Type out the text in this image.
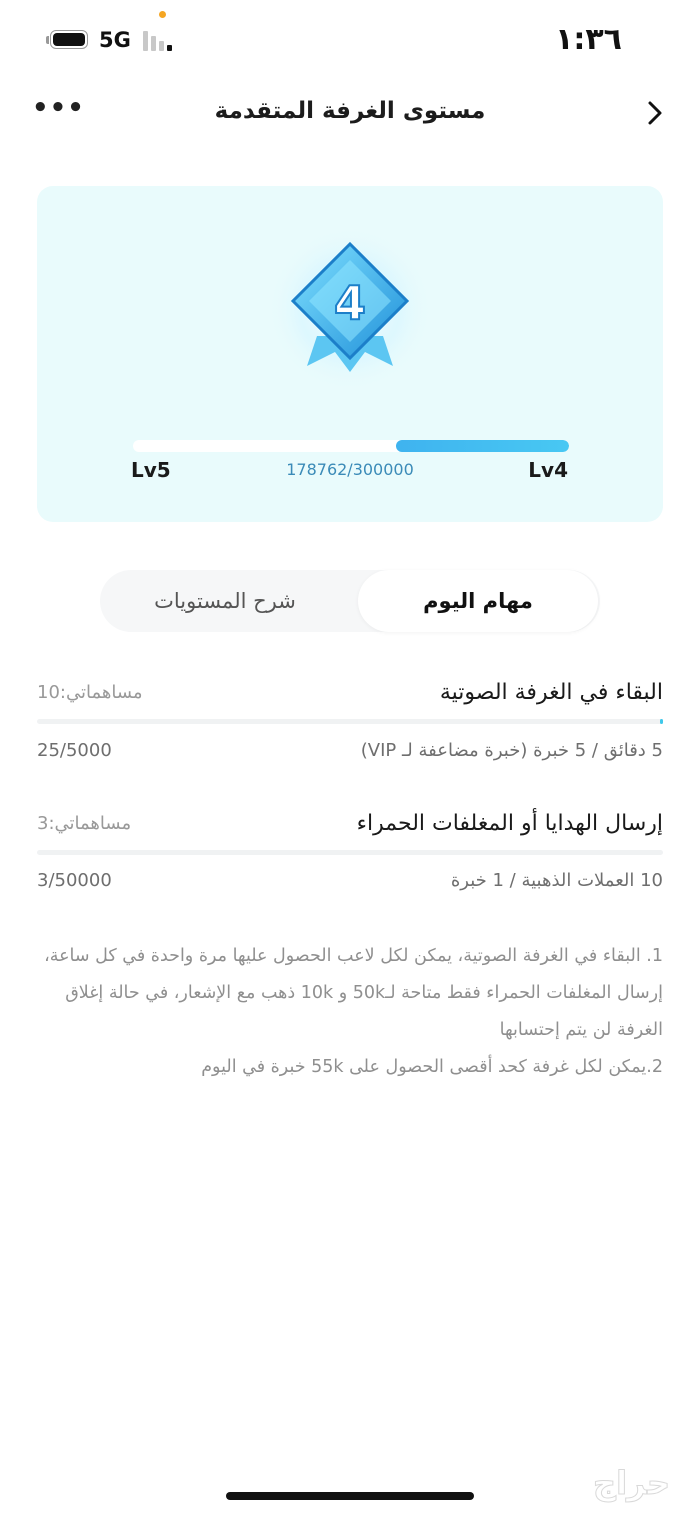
5G	١:٣٦
مستوى الغرفة المتقدمة
•••
4
Lv5	178762/300000	Lv4
مهام اليوم
شرح المستويات
البقاء في الغرفة الصوتية
مساهماتي:10
5 دقائق / 5 خبرة (خبرة مضاعفة لـ VIP)
25/5000
إرسال الهدايا أو المغلفات الحمراء
مساهماتي:3
10 العملات الذهبية / 1 خبرة
3/50000

1. البقاء في الغرفة الصوتية، يمكن لكل لاعب الحصول عليها مرة واحدة في كل ساعة، إرسال المغلفات الحمراء فقط متاحة لـ50k و 10k ذهب مع الإشعار، في حالة إغلاق الغرفة لن يتم إحتسابها

2.يمكن لكل غرفة كحد أقصى الحصول على 55k خبرة في اليوم

حراج
